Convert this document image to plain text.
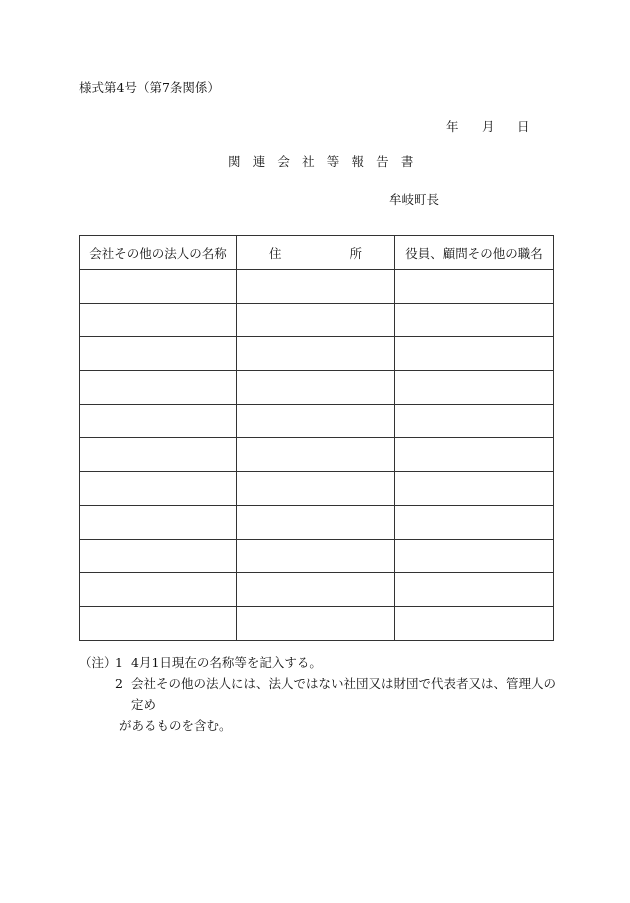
様式第4号（第7条関係）
年 月 日
関 連 会 社 等 報 告 書
牟岐町長
会社その他の法人の名称	住 所	役員、顧問その他の職名

（注）
1 4月1日現在の名称等を記入する。
2 会社その他の法人には、法人ではない社団又は財団で代表者又は、管理人の定め
があるものを含む。
